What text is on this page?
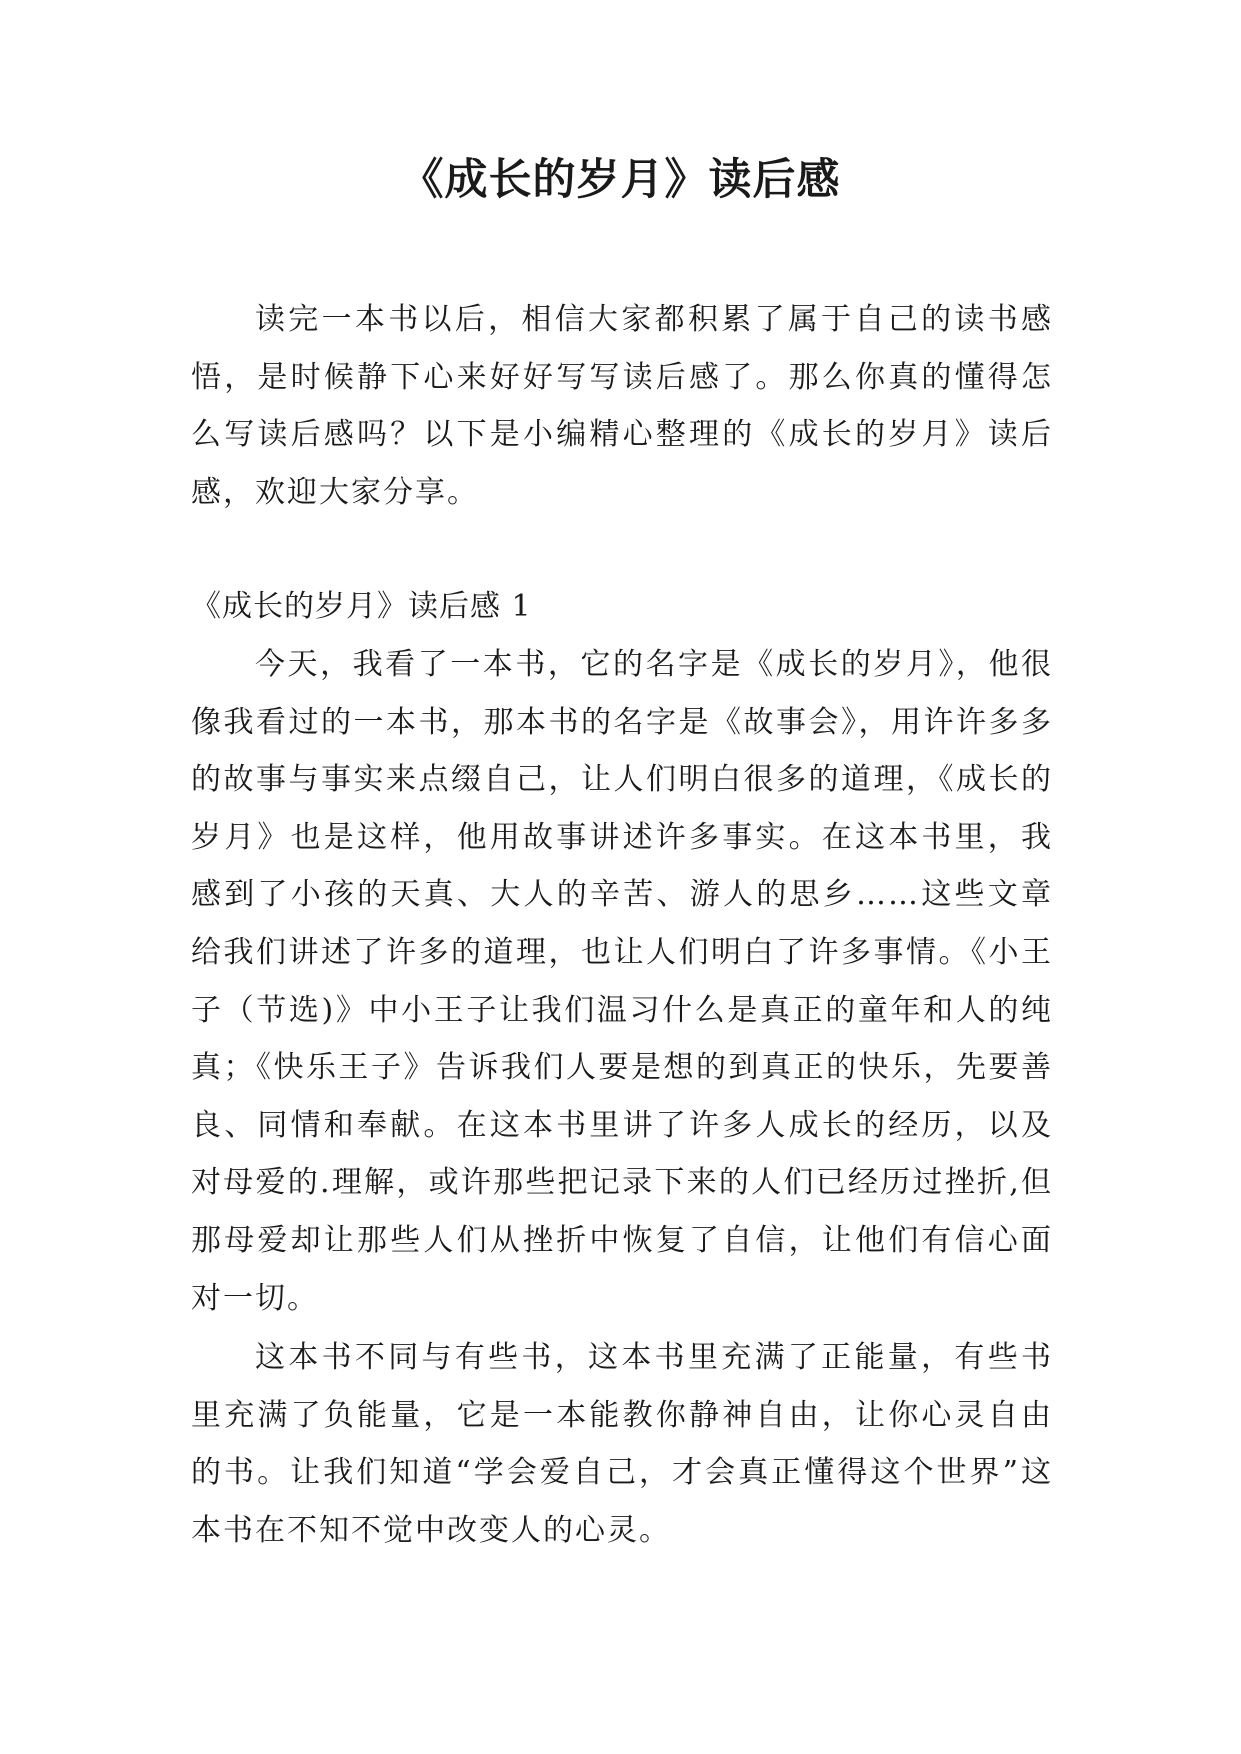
《成长的岁月》读后感

读完一本书以后，相信大家都积累了属于自己的读书感悟，是时候静下心来好好写写读后感了。那么你真的懂得怎么写读后感吗？以下是小编精心整理的《成长的岁月》读后感，欢迎大家分享。

《成长的岁月》读后感 1

今天，我看了一本书，它的名字是《成长的岁月》，他很像我看过的一本书，那本书的名字是《故事会》，用许许多多的故事与事实来点缀自己，让人们明白很多的道理，《成长的岁月》也是这样，他用故事讲述许多事实。在这本书里，我感到了小孩的天真、大人的辛苦、游人的思乡……这些文章给我们讲述了许多的道理，也让人们明白了许多事情。《小王子（节选)》中小王子让我们温习什么是真正的童年和人的纯真；《快乐王子》告诉我们人要是想的到真正的快乐，先要善良、同情和奉献。在这本书里讲了许多人成长的经历，以及对母爱的.理解，或许那些把记录下来的人们已经历过挫折,但那母爱却让那些人们从挫折中恢复了自信，让他们有信心面对一切。

这本书不同与有些书，这本书里充满了正能量，有些书里充满了负能量，它是一本能教你静神自由，让你心灵自由的书。让我们知道“学会爱自己，才会真正懂得这个世界”这本书在不知不觉中改变人的心灵。
